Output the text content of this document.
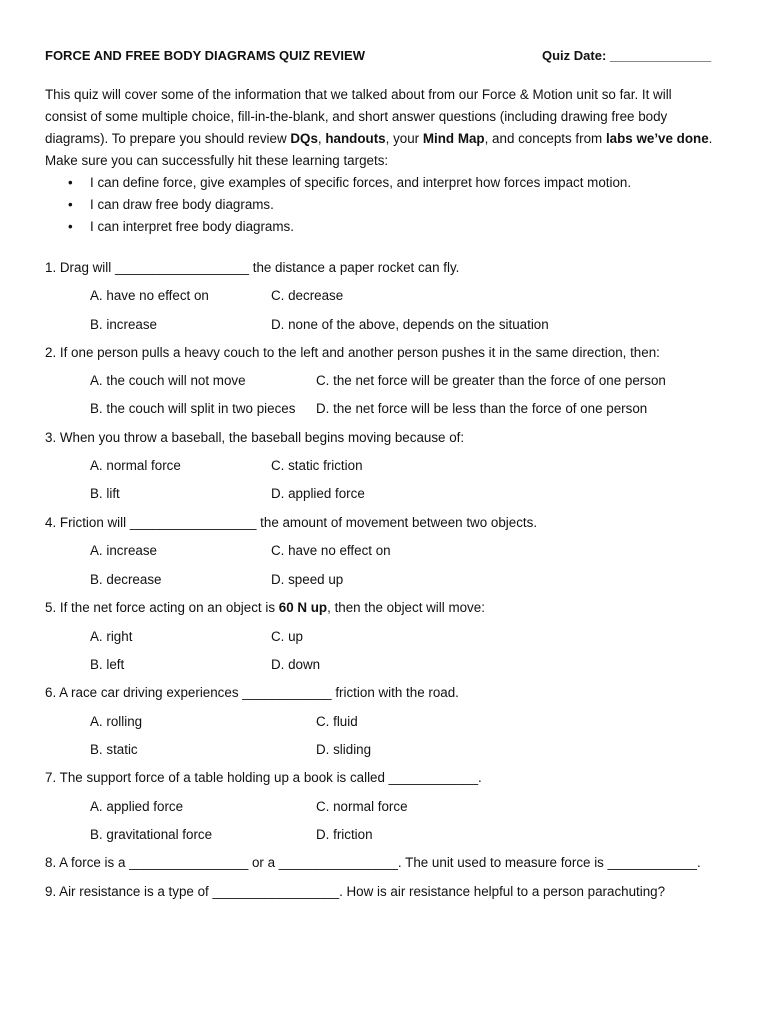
FORCE AND FREE BODY DIAGRAMS QUIZ REVIEW	Quiz Date: ______________

This quiz will cover some of the information that we talked about from our Force & Motion unit so far. It will consist of some multiple choice, fill-in-the-blank, and short answer questions (including drawing free body diagrams). To prepare you should review DQs, handouts, your Mind Map, and concepts from labs we’ve done. Make sure you can successfully hit these learning targets:

• I can define force, give examples of specific forces, and interpret how forces impact motion.
• I can draw free body diagrams.
• I can interpret free body diagrams.
1. Drag will __________________ the distance a paper rocket can fly.
A. have no effect on	C. decrease
B. increase	D. none of the above, depends on the situation
2. If one person pulls a heavy couch to the left and another person pushes it in the same direction, then:
A. the couch will not move	C. the net force will be greater than the force of one person
B. the couch will split in two pieces D. the net force will be less than the force of one person
3. When you throw a baseball, the baseball begins moving because of:
A. normal force	C. static friction
B. lift	D. applied force
4. Friction will _________________ the amount of movement between two objects.
A. increase	C. have no effect on
B. decrease	D. speed up
5. If the net force acting on an object is 60 N up, then the object will move:
A. right	C. up
B. left	D. down
6. A race car driving experiences ____________ friction with the road.
A. rolling	C. fluid
B. static	D. sliding
7. The support force of a table holding up a book is called ____________.
A. applied force	C. normal force
B. gravitational force	D. friction
8. A force is a ________________ or a ________________. The unit used to measure force is ____________.
9. Air resistance is a type of _________________. How is air resistance helpful to a person parachuting?
